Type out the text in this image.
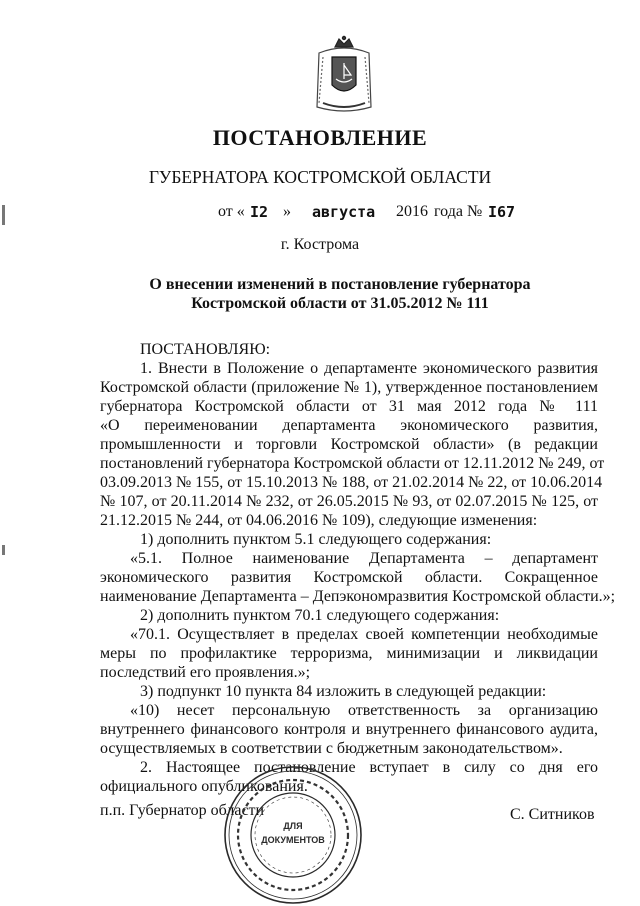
ПОСТАНОВЛЕНИЕ
ГУБЕРНАТОРА КОСТРОМСКОЙ ОБЛАСТИ
от « I2 » августа 2016 года № I67
г. Кострома
О внесении изменений в постановление губернатора
Костромской области от 31.05.2012 № 111
ПОСТАНОВЛЯЮ:
1. Внести в Положение о департаменте экономического развития
Костромской области (приложение № 1), утвержденное постановлением
губернатора Костромской области от 31 мая 2012 года № 111
«О переименовании департамента экономического развития,
промышленности и торговли Костромской области» (в редакции
постановлений губернатора Костромской области от 12.11.2012 № 249, от
03.09.2013 № 155, от 15.10.2013 № 188, от 21.02.2014 № 22, от 10.06.2014
№ 107, от 20.11.2014 № 232, от 26.05.2015 № 93, от 02.07.2015 № 125, от
21.12.2015 № 244, от 04.06.2016 № 109), следующие изменения:
1) дополнить пунктом 5.1 следующего содержания:
«5.1. Полное наименование Департамента – департамент
экономического развития Костромской области. Сокращенное
наименование Департамента – Депэкономразвития Костромской области.»;
2) дополнить пунктом 70.1 следующего содержания:
«70.1. Осуществляет в пределах своей компетенции необходимые
меры по профилактике терроризма, минимизации и ликвидации
последствий его проявления.»;
3) подпункт 10 пункта 84 изложить в следующей редакции:
«10) несет персональную ответственность за организацию
внутреннего финансового контроля и внутреннего финансового аудита,
осуществляемых в соответствии с бюджетным законодательством».
2. Настоящее постановление вступает в силу со дня его
официального опубликования.
п.п. Губернатор области	С. Ситников
ДЛЯ
ДОКУМЕНТОВ
